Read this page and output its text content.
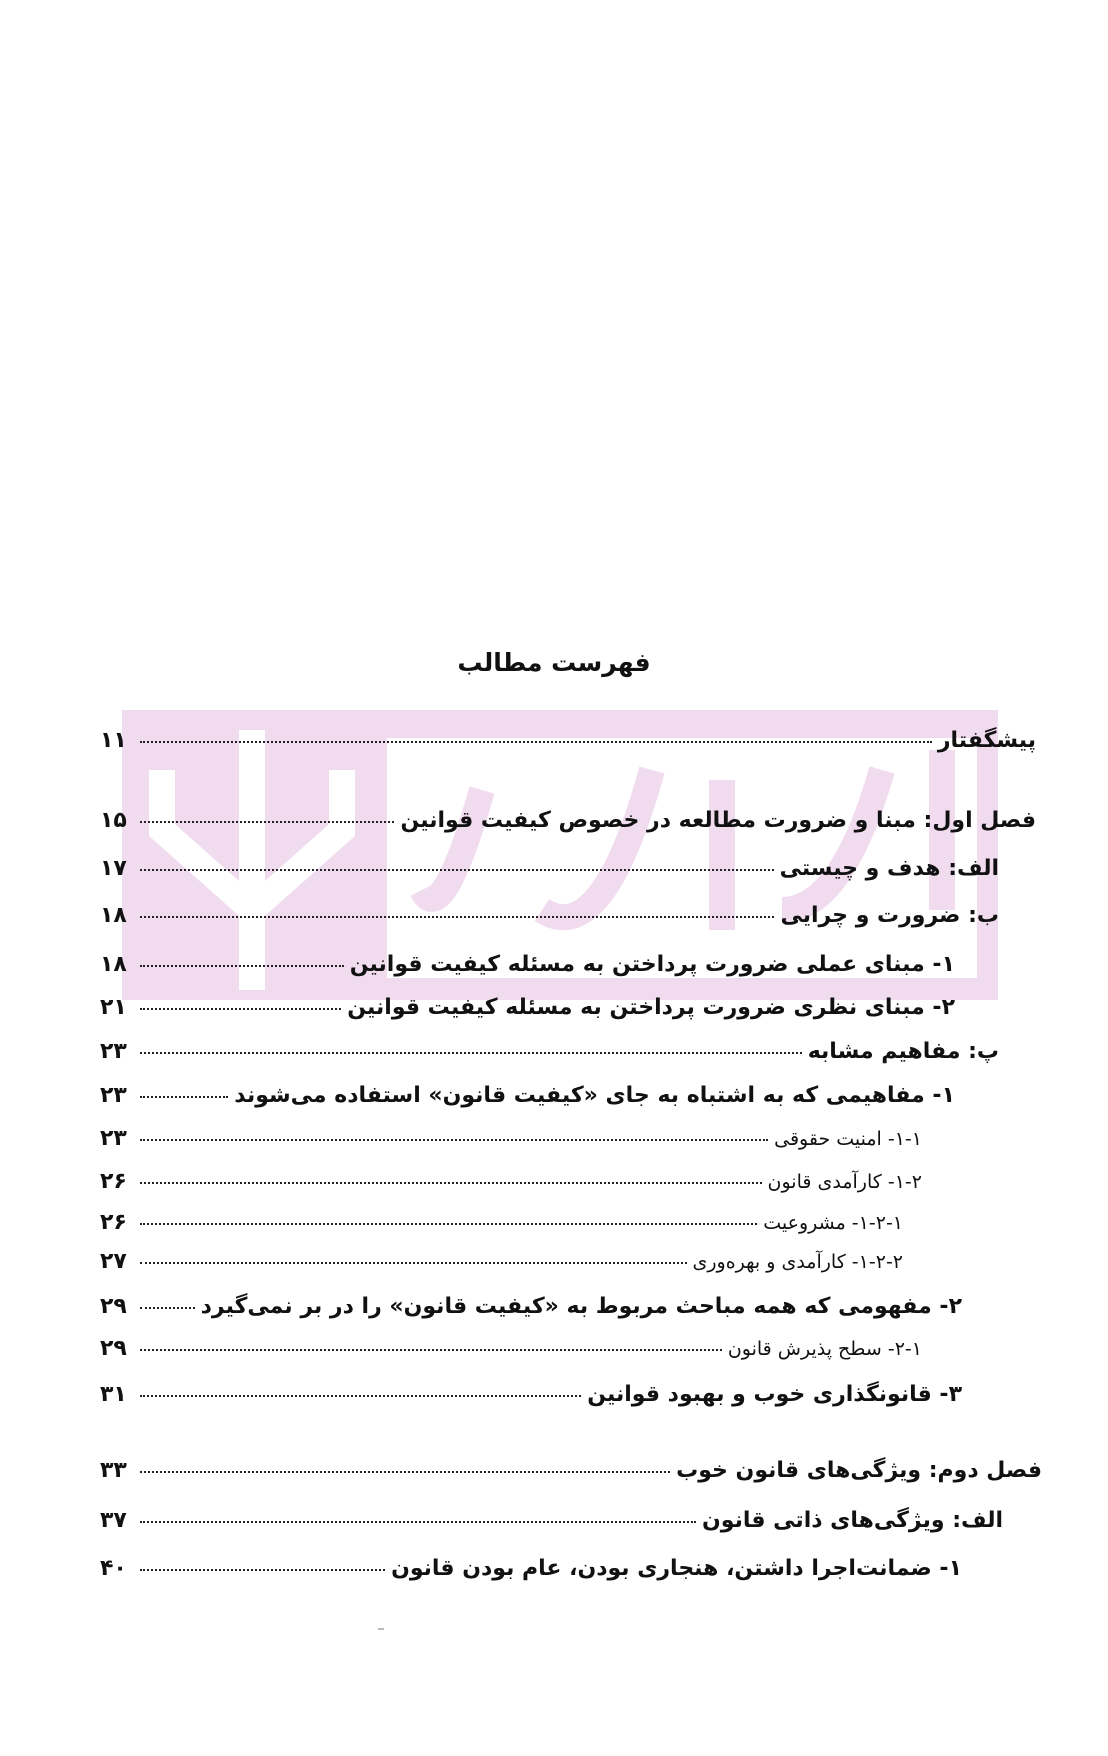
فهرست مطالب
پیشگفتار
۱۱
فصل اول: مبنا و ضرورت مطالعه در خصوص کیفیت قوانین
۱۵
الف: هدف و چیستی
۱۷
ب: ضرورت و چرایی
۱۸
۱- مبنای عملی ضرورت پرداختن به مسئله کیفیت قوانین
۱۸
۲- مبنای نظری ضرورت پرداختن به مسئله کیفیت قوانین
۲۱
پ: مفاهیم مشابه
۲۳
۱- مفاهیمی که به اشتباه به جای «کیفیت قانون» استفاده می‌شوند
۲۳
۱-۱- امنیت حقوقی
۲۳
۱-۲- کارآمدی قانون
۲۶
۱-۲-۱- مشروعیت
۲۶
۱-۲-۲- کارآمدی و بهره‌وری
۲۷
۲- مفهومی که همه مباحث مربوط به «کیفیت قانون» را در بر نمی‌گیرد
۲۹
۲-۱- سطح پذیرش قانون
۲۹
۳- قانونگذاری خوب و بهبود قوانین
۳۱
فصل دوم: ویژگی‌های قانون خوب
۳۳
الف: ویژگی‌های ذاتی قانون
۳۷
۱- ضمانت‌اجرا داشتن، هنجاری بودن، عام بودن قانون
۴۰
